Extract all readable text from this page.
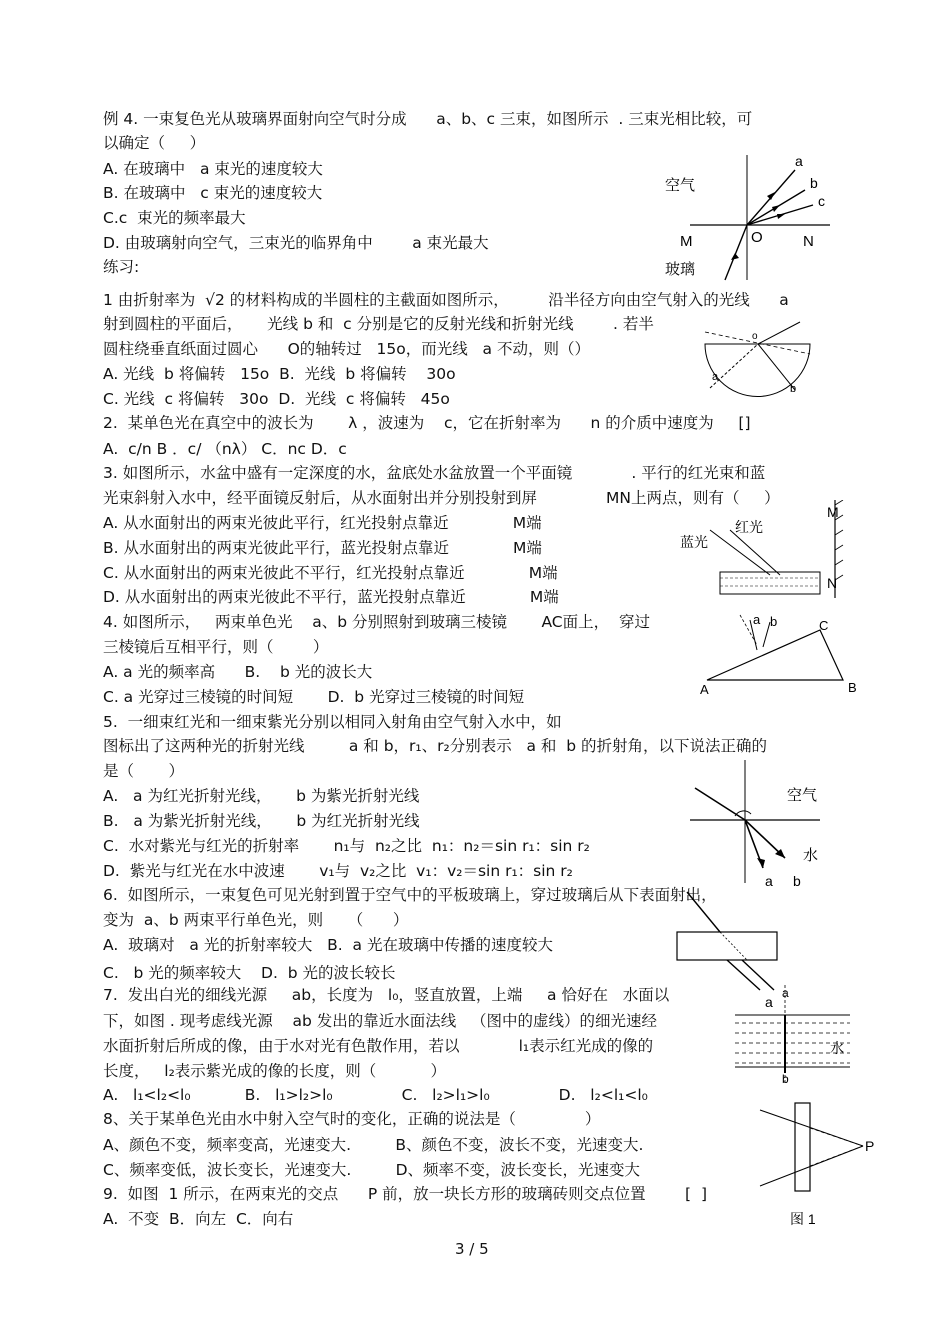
例 4. 一束复色光从玻璃界面射向空气时分成      a、b、c 三束，如图所示  . 三束光相比较，可
以确定（     ）
A. 在玻璃中   a 束光的速度较大
B. 在玻璃中   c 束光的速度较大
C.c  束光的频率最大
D. 由玻璃射向空气，三束光的临界角中        a 束光最大
练习:
1 由折射率为  √2 的材料构成的半圆柱的主截面如图所示，        沿半径方向由空气射入的光线      a
射到圆柱的平面后，     光线 b 和  c 分别是它的反射光线和折射光线        . 若半
圆柱绕垂直纸面过圆心      O的轴转过   15o，而光线   a 不动，则（）
A. 光线  b 将偏转   15o  B.  光线  b 将偏转    30o
C. 光线  c 将偏转   30o  D.  光线  c 将偏转   45o
2.  某单色光在真空中的波长为       λ ，波速为    c，它在折射率为      n 的介质中速度为     []
A.  c/n B ．c/ （nλ） C．nc D．c
3. 如图所示，水盆中盛有一定深度的水，盆底处水盆放置一个平面镜            . 平行的红光束和蓝
光束斜射入水中，经平面镜反射后，从水面射出并分别投射到屏              MN上两点，则有（     ）
A. 从水面射出的两束光彼此平行，红光投射点靠近             M端
B. 从水面射出的两束光彼此平行，蓝光投射点靠近             M端
C. 从水面射出的两束光彼此不平行，红光投射点靠近             M端
D. 从水面射出的两束光彼此不平行，蓝光投射点靠近             M端
4. 如图所示，   两束单色光    a、b 分别照射到玻璃三棱镜       AC面上，  穿过
三棱镜后互相平行，则（        ）
A. a 光的频率高      B.    b 光的波长大
C. a 光穿过三棱镜的时间短       D.  b 光穿过三棱镜的时间短
5.  一细束红光和一细束紫光分别以相同入射角由空气射入水中，如
图标出了这两种光的折射光线         a 和 b，r₁、r₂分别表示   a 和  b 的折射角，以下说法正确的
是（       ）
A.   a 为红光折射光线，     b 为紫光折射光线
B.   a 为紫光折射光线，     b 为红光折射光线
C.  水对紫光与红光的折射率       n₁与  n₂之比  n₁：n₂＝sin r₁：sin r₂
D.  紫光与红光在水中波速       v₁与  v₂之比  v₁：v₂＝sin r₁：sin r₂
6.  如图所示，一束复色可见光射到置于空气中的平板玻璃上，穿过玻璃后从下表面射出，
变为  a、b 两束平行单色光，则     （      ）
A.  玻璃对   a 光的折射率较大   B.  a 光在玻璃中传播的速度较大
C.   b 光的频率较大    D.  b 光的波长较长
7.  发出白光的细线光源     ab，长度为   l₀，竖直放置，上端     a 恰好在   水面以
下，如图 . 现考虑线光源    ab 发出的靠近水面法线   （图中的虚线）的细光速经
水面折射后所成的像，由于水对光有色散作用，若以            l₁表示红光成的像的
长度，   l₂表示紫光成的像的长度，则（           ）
A.   l₁<l₂<l₀           B.   l₁>l₂>l₀              C.   l₂>l₁>l₀              D.   l₂<l₁<l₀
8、关于某单色光由水中射入空气时的变化，正确的说法是（              ）
A、颜色不变，频率变高，光速变大.         B、颜色不变，波长不变，光速变大.
C、频率变低，波长变长，光速变大.         D、频率不变，波长变长，光速变大
9.  如图  1 所示，在两束光的交点      P 前，放一块长方形的玻璃砖则交点位置        [  ]
A.  不变  B．向左  C．向右
空气
玻璃
M	O	N
a
b
c
o
a
b
蓝光
红光
M
N
a b
A	B
C
空气
水
a b
a
a
b
水
P
图 1
3 / 5
